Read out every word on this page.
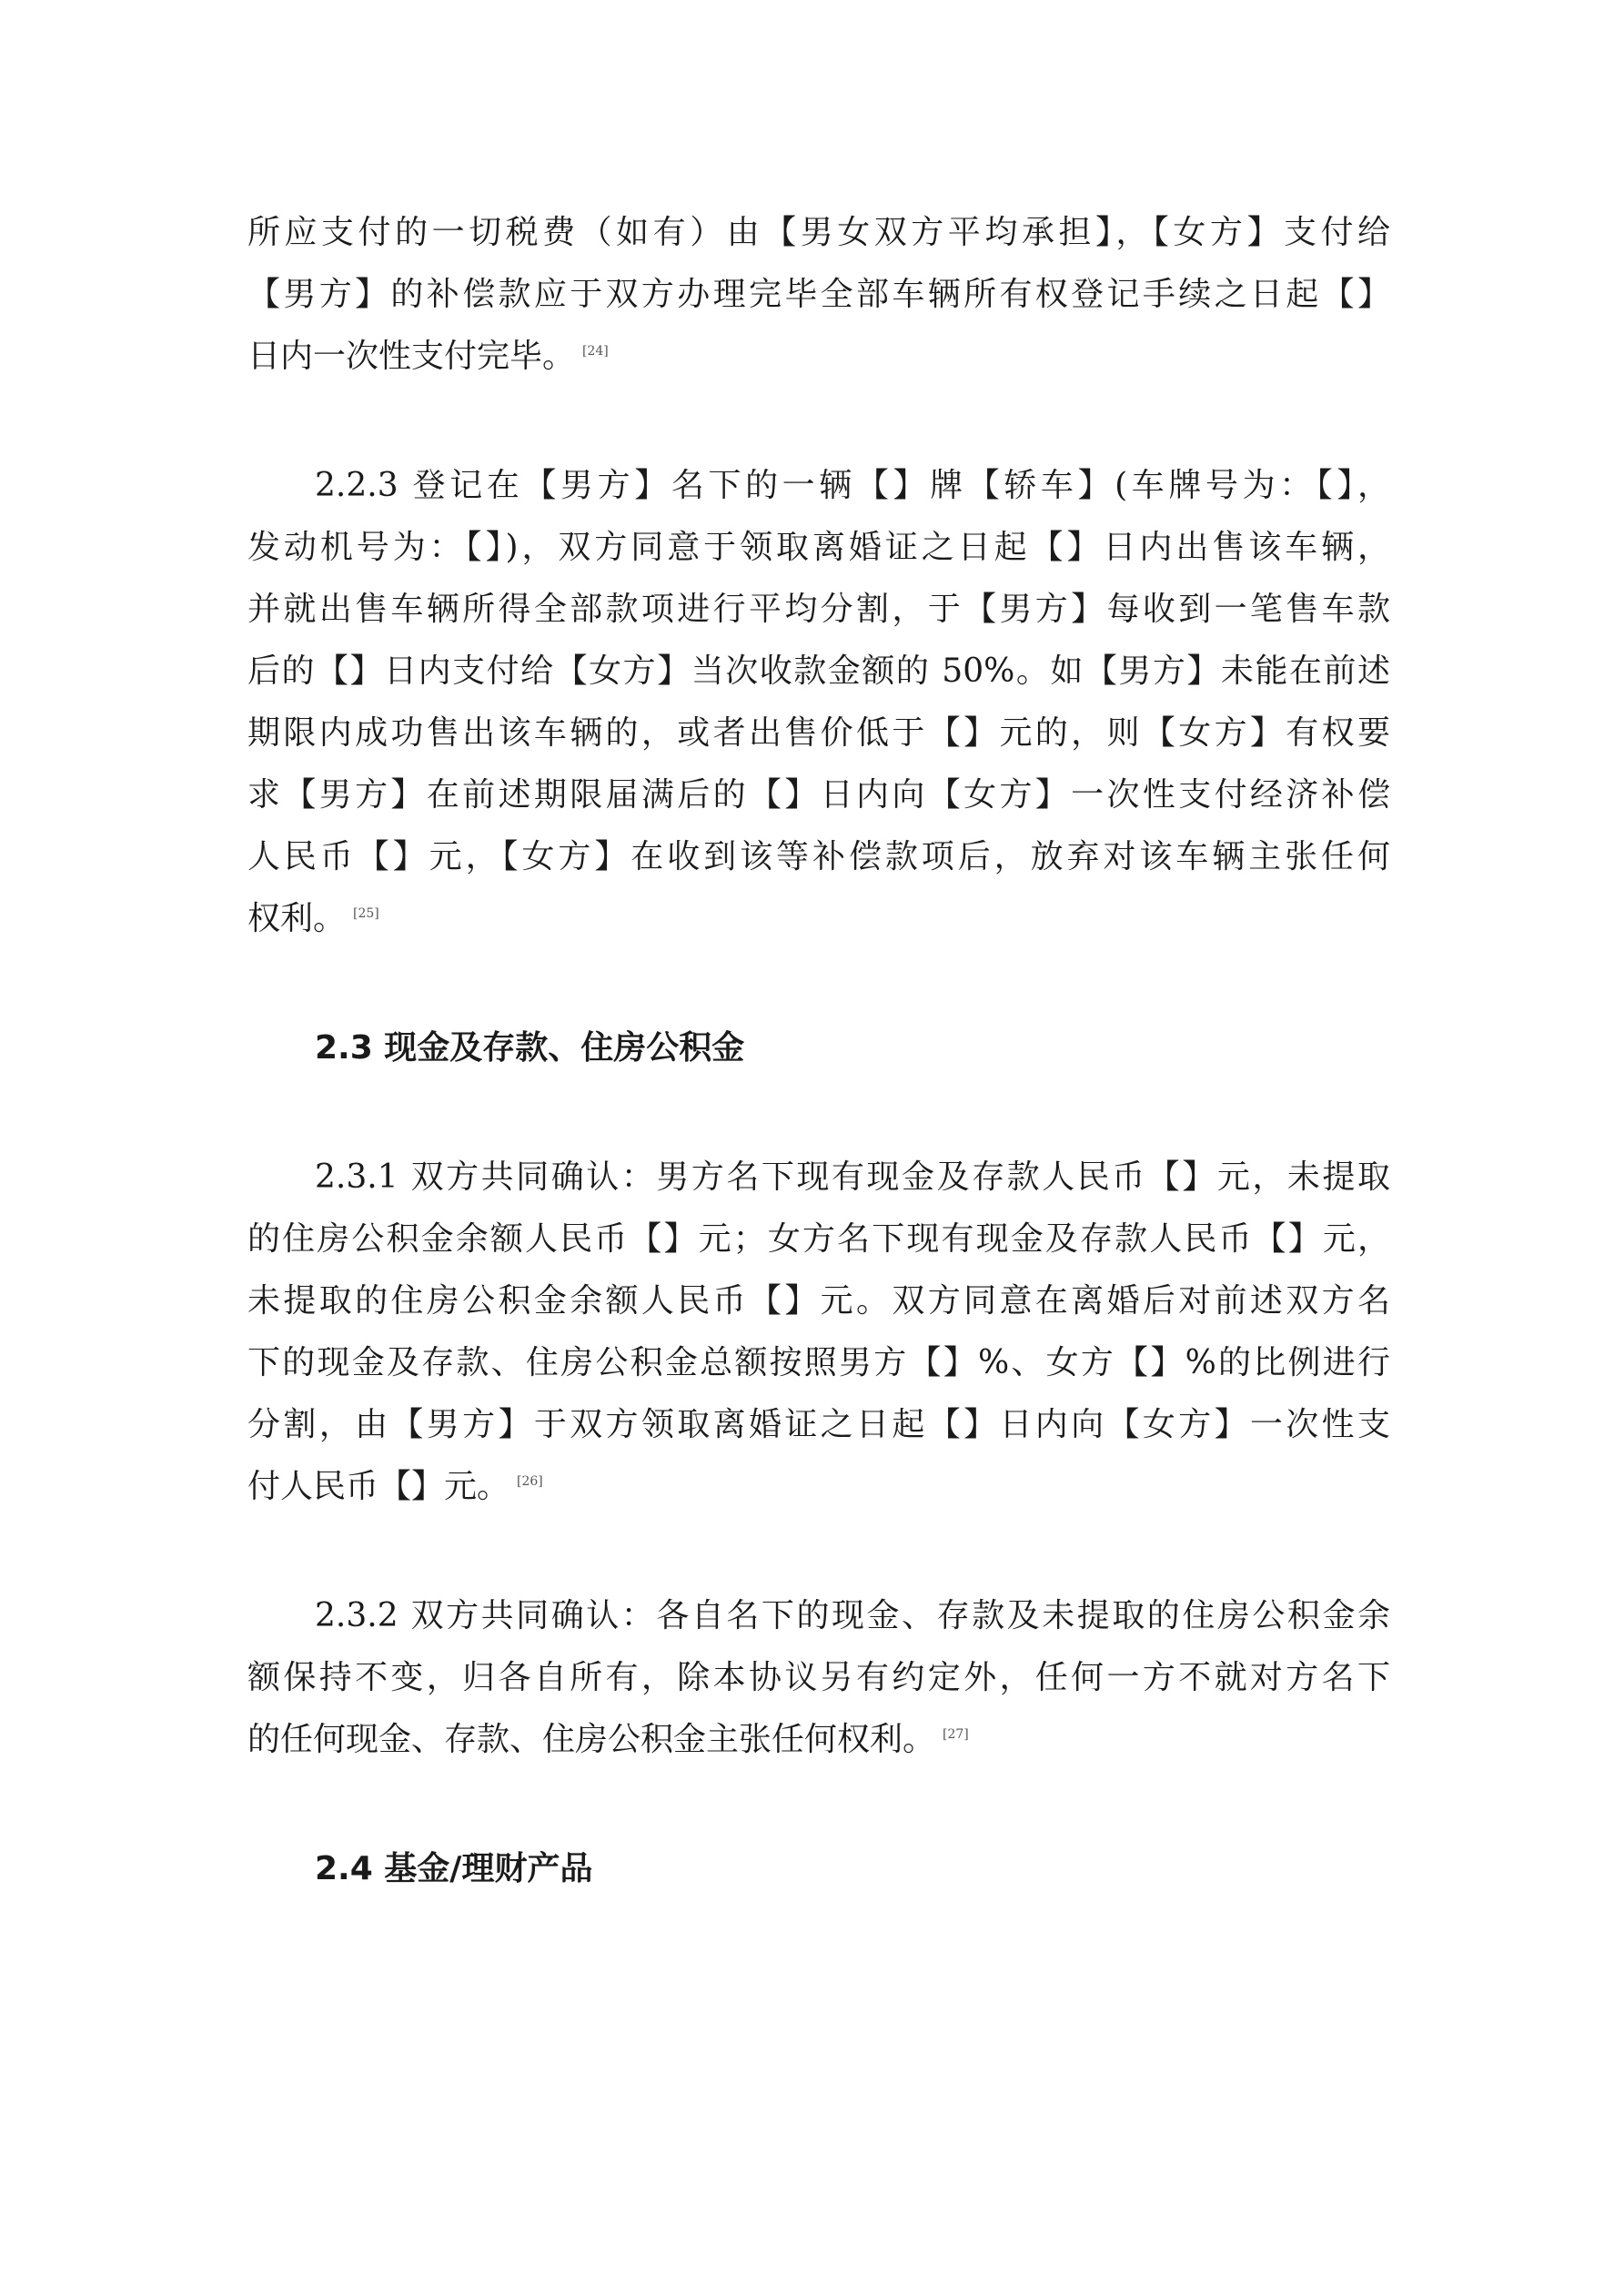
所应支付的一切税费（如有）由【男女双方平均承担】，【女方】支付给
【男方】的补偿款应于双方办理完毕全部车辆所有权登记手续之日起【】
日内一次性支付完毕。 [24]
2.2.3 登记在【男方】名下的一辆【】牌【轿车】(车牌号为：【】，
发动机号为：【】)，双方同意于领取离婚证之日起【】日内出售该车辆，
并就出售车辆所得全部款项进行平均分割，于【男方】每收到一笔售车款
后的【】日内支付给【女方】当次收款金额的 50%。如【男方】未能在前述
期限内成功售出该车辆的，或者出售价低于【】元的，则【女方】有权要
求【男方】在前述期限届满后的【】日内向【女方】一次性支付经济补偿
人民币【】元，【女方】在收到该等补偿款项后，放弃对该车辆主张任何
权利。 [25]
2.3 现金及存款、住房公积金
2.3.1 双方共同确认：男方名下现有现金及存款人民币【】元，未提取
的住房公积金余额人民币【】元；女方名下现有现金及存款人民币【】元，
未提取的住房公积金余额人民币【】元。双方同意在离婚后对前述双方名
下的现金及存款、住房公积金总额按照男方【】%、女方【】%的比例进行
分割，由【男方】于双方领取离婚证之日起【】日内向【女方】一次性支
付人民币【】元。 [26]
2.3.2 双方共同确认：各自名下的现金、存款及未提取的住房公积金余
额保持不变，归各自所有，除本协议另有约定外，任何一方不就对方名下
的任何现金、存款、住房公积金主张任何权利。 [27]
2.4 基金/理财产品
